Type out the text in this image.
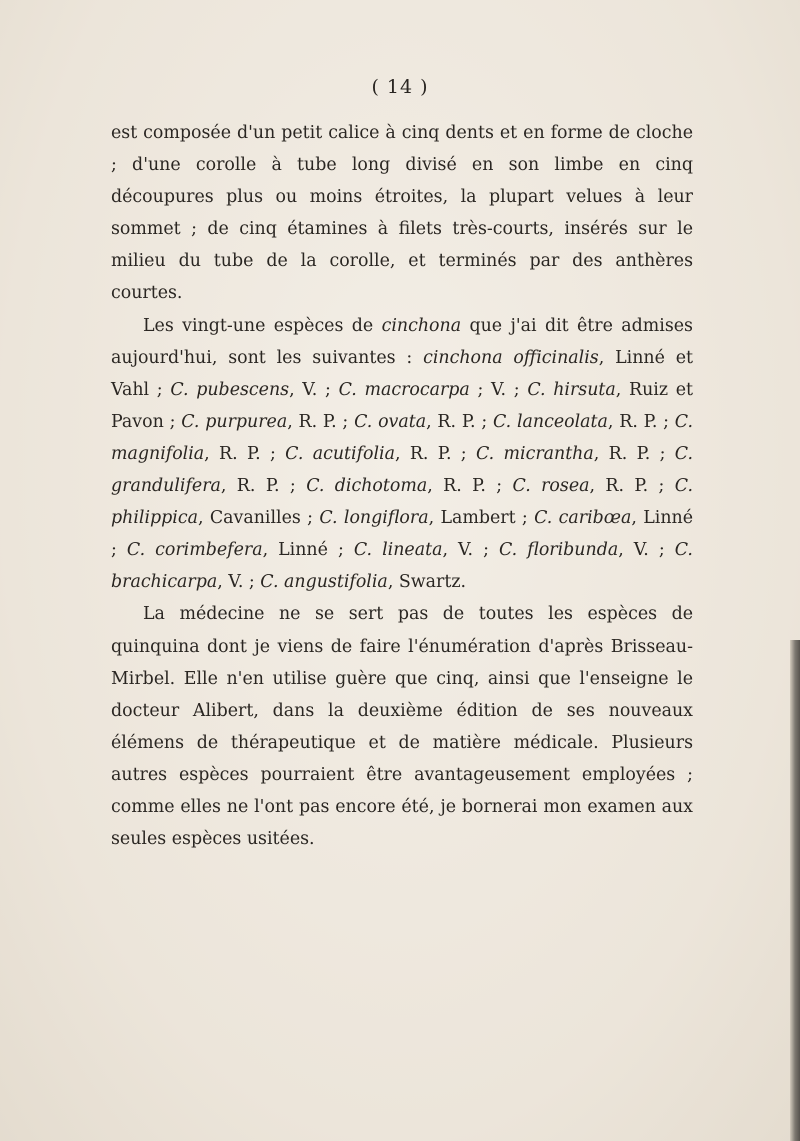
( 14 )

est composée d'un petit calice à cinq dents et en forme de cloche ; d'une corolle à tube long divisé en son limbe en cinq découpures plus ou moins étroites, la plupart velues à leur sommet ; de cinq étamines à filets très-courts, insérés sur le milieu du tube de la corolle, et terminés par des anthères courtes.

Les vingt-une espèces de cinchona que j'ai dit être admises aujourd'hui, sont les suivantes : cinchona officinalis, Linné et Vahl ; C. pubescens, V. ; C. macrocarpa ; V. ; C. hirsuta, Ruiz et Pavon ; C. purpurea, R. P. ; C. ovata, R. P. ; C. lanceolata, R. P. ; C. magnifolia, R. P. ; C. acutifolia, R. P. ; C. micrantha, R. P. ; C. grandulifera, R. P. ; C. dichotoma, R. P. ; C. rosea, R. P. ; C. philippica, Cavanilles ; C. longiflora, Lambert ; C. caribœa, Linné ; C. corimbefera, Linné ; C. lineata, V. ; C. floribunda, V. ; C. brachicarpa, V. ; C. angustifolia, Swartz.

La médecine ne se sert pas de toutes les espèces de quinquina dont je viens de faire l'énumération d'après Brisseau-Mirbel. Elle n'en utilise guère que cinq, ainsi que l'enseigne le docteur Alibert, dans la deuxième édition de ses nouveaux élémens de thérapeutique et de matière médicale. Plusieurs autres espèces pourraient être avantageusement employées ; comme elles ne l'ont pas encore été, je bornerai mon examen aux seules espèces usitées.
